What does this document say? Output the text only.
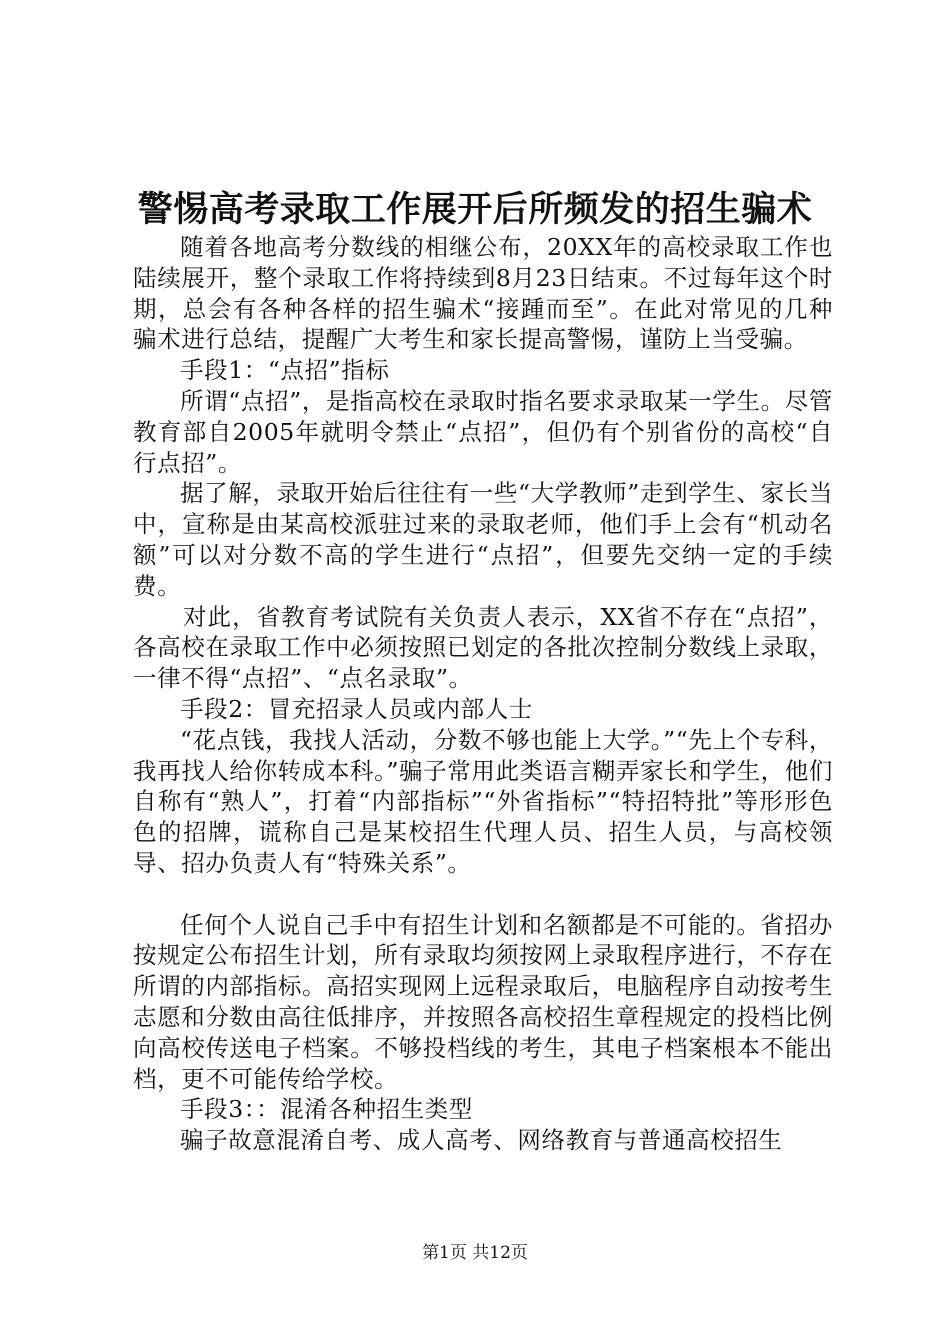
警惕高考录取工作展开后所频发的招生骗术

随着各地高考分数线的相继公布，20XX年的高校录取工作也陆续展开，整个录取工作将持续到8月23日结束。不过每年这个时期，总会有各种各样的招生骗术“接踵而至”。在此对常见的几种骗术进行总结，提醒广大考生和家长提高警惕，谨防上当受骗。

手段1：“点招”指标

所谓“点招”，是指高校在录取时指名要求录取某一学生。尽管教育部自2005年就明令禁止“点招”，但仍有个别省份的高校“自行点招”。

据了解，录取开始后往往有一些“大学教师”走到学生、家长当中，宣称是由某高校派驻过来的录取老师，他们手上会有“机动名额”可以对分数不高的学生进行“点招”，但要先交纳一定的手续费。

对此，省教育考试院有关负责人表示，XX省不存在“点招”，各高校在录取工作中必须按照已划定的各批次控制分数线上录取，一律不得“点招”、“点名录取”。

手段2：冒充招录人员或内部人士

“花点钱，我找人活动，分数不够也能上大学。”“先上个专科，我再找人给你转成本科。”骗子常用此类语言糊弄家长和学生，他们自称有“熟人”，打着“内部指标”“外省指标”“特招特批”等形形色色的招牌，谎称自己是某校招生代理人员、招生人员，与高校领导、招办负责人有“特殊关系”。

任何个人说自己手中有招生计划和名额都是不可能的。省招办按规定公布招生计划，所有录取均须按网上录取程序进行，不存在所谓的内部指标。高招实现网上远程录取后，电脑程序自动按考生志愿和分数由高往低排序，并按照各高校招生章程规定的投档比例向高校传送电子档案。不够投档线的考生，其电子档案根本不能出档，更不可能传给学校。

手段3：：混淆各种招生类型

骗子故意混淆自考、成人高考、网络教育与普通高校招生

第1页 共12页
